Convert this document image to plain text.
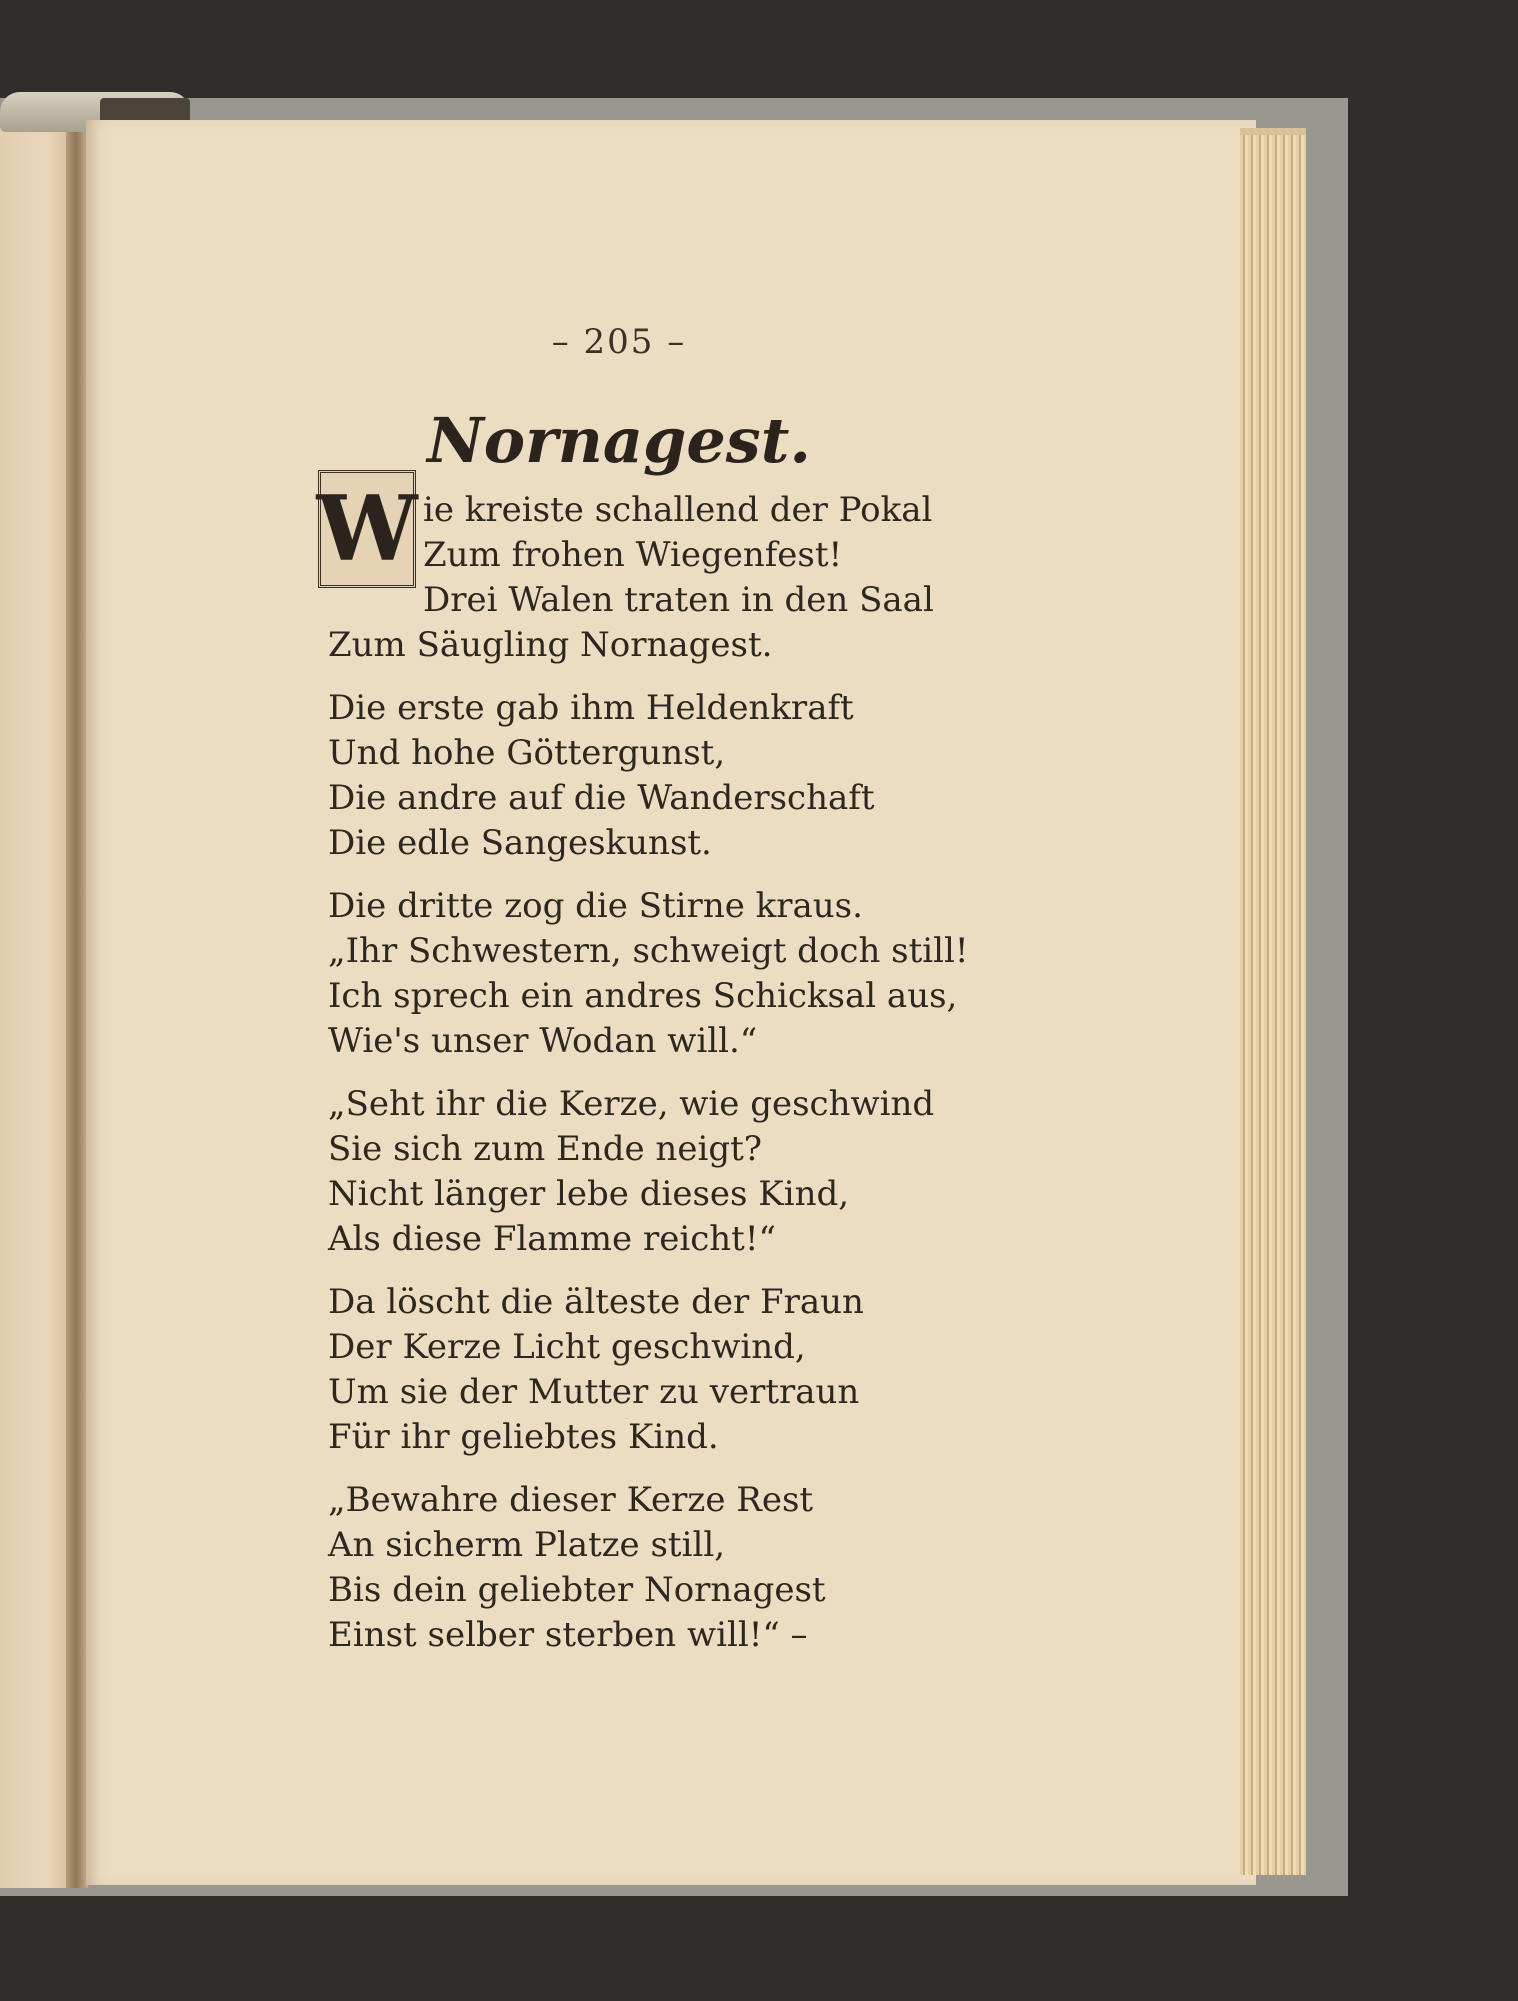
– 205 –
Nornagest.
W ie kreiste schallend der Pokal
Zum frohen Wiegenfest!
Drei Walen traten in den Saal
Zum Säugling Nornagest.
Die erste gab ihm Heldenkraft
Und hohe Göttergunst,
Die andre auf die Wanderschaft
Die edle Sangeskunst.
Die dritte zog die Stirne kraus.
„Ihr Schwestern, schweigt doch still!
Ich sprech ein andres Schicksal aus,
Wie's unser Wodan will.“
„Seht ihr die Kerze, wie geschwind
Sie sich zum Ende neigt?
Nicht länger lebe dieses Kind,
Als diese Flamme reicht!“
Da löscht die älteste der Fraun
Der Kerze Licht geschwind,
Um sie der Mutter zu vertraun
Für ihr geliebtes Kind.
„Bewahre dieser Kerze Rest
An sicherm Platze still,
Bis dein geliebter Nornagest
Einst selber sterben will!“ –
